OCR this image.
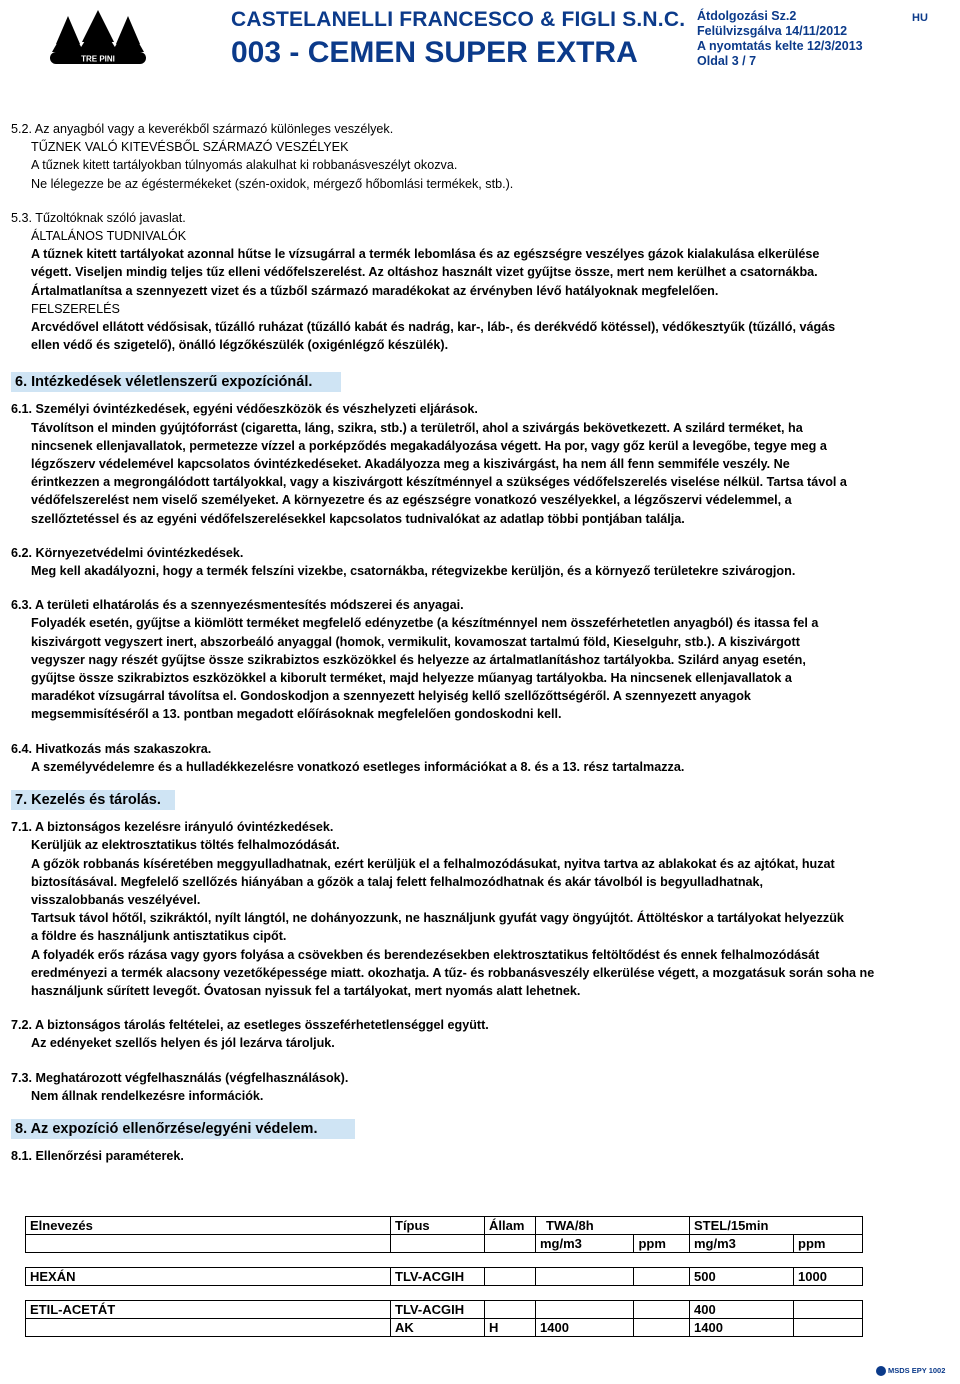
TRE PINI
CASTELANELLI FRANCESCO & FIGLI S.N.C.
003 - CEMEN SUPER EXTRA
Átdolgozási Sz.2
Felülvizsgálva 14/11/2012
A nyomtatás kelte 12/3/2013
Oldal 3 / 7
HU

5.2. Az anyagból vagy a keverékből származó különleges veszélyek.

TŰZNEK VALÓ KITEVÉSBŐL SZÁRMAZÓ VESZÉLYEK

A tűznek kitett tartályokban túlnyomás alakulhat ki robbanásveszélyt okozva.

Ne lélegezze be az égéstermékeket (szén-oxidok, mérgező hőbomlási termékek, stb.).

5.3. Tűzoltóknak szóló javaslat.

ÁLTALÁNOS TUDNIVALÓK

A tűznek kitett tartályokat azonnal hűtse le vízsugárral a termék lebomlása és az egészségre veszélyes gázok kialakulása elkerülése

végett. Viseljen mindig teljes tűz elleni védőfelszerelést. Az oltáshoz használt vizet gyűjtse össze, mert nem kerülhet a csatornákba.

Ártalmatlanítsa a szennyezett vizet és a tűzből származó maradékokat az érvényben lévő hatályoknak megfelelően.

FELSZERELÉS

Arcvédővel ellátott védősisak, tűzálló ruházat (tűzálló kabát és nadrág, kar-, láb-, és derékvédő kötéssel), védőkesztyűk (tűzálló, vágás

ellen védő és szigetelő), önálló légzőkészülék (oxigénlégző készülék).

6. Intézkedések véletlenszerű expozíciónál.

6.1. Személyi óvintézkedések, egyéni védőeszközök és vészhelyzeti eljárások.

Távolítson el minden gyújtóforrást (cigaretta, láng, szikra, stb.) a területről, ahol a szivárgás bekövetkezett. A szilárd terméket, ha

nincsenek ellenjavallatok, permetezze vízzel a porképződés megakadályozása végett. Ha por, vagy gőz kerül a levegőbe, tegye meg a

légzőszerv védelemével kapcsolatos óvintézkedéseket. Akadályozza meg a kiszivárgást, ha nem áll fenn semmiféle veszély. Ne

érintkezzen a megrongálódott tartályokkal, vagy a kiszivárgott készítménnyel a szükséges védőfelszerelés viselése nélkül. Tartsa távol a

védőfelszerelést nem viselő személyeket. A környezetre és az egészségre vonatkozó veszélyekkel, a légzőszervi védelemmel, a

szellőztetéssel és az egyéni védőfelszerelésekkel kapcsolatos tudnivalókat az adatlap többi pontjában találja.

6.2. Környezetvédelmi óvintézkedések.

Meg kell akadályozni, hogy a termék felszíni vizekbe, csatornákba, rétegvizekbe kerüljön, és a környező területekre szivárogjon.

6.3. A területi elhatárolás és a szennyezésmentesítés módszerei és anyagai.

Folyadék esetén, gyűjtse a kiömlött terméket megfelelő edényzetbe (a készítménnyel nem összeférhetetlen anyagból) és itassa fel a

kiszivárgott vegyszert inert, abszorbeáló anyaggal (homok, vermikulit, kovamoszat tartalmú föld, Kieselguhr, stb.). A kiszivárgott

vegyszer nagy részét gyűjtse össze szikrabiztos eszközökkel és helyezze az ártalmatlanításhoz tartályokba. Szilárd anyag esetén,

gyűjtse össze szikrabiztos eszközökkel a kiborult terméket, majd helyezze műanyag tartályokba. Ha nincsenek ellenjavallatok a

maradékot vízsugárral távolítsa el. Gondoskodjon a szennyezett helyiség kellő szellőzőttségéről. A szennyezett anyagok

megsemmisítéséről a 13. pontban megadott előírásoknak megfelelően gondoskodni kell.

6.4. Hivatkozás más szakaszokra.

A személyvédelemre és a hulladékkezelésre vonatkozó esetleges információkat a 8. és a 13. rész tartalmazza.

7. Kezelés és tárolás.

7.1. A biztonságos kezelésre irányuló óvintézkedések.

Kerüljük az elektrosztatikus töltés felhalmozódását.

A gőzök robbanás kíséretében meggyulladhatnak, ezért kerüljük el a felhalmozódásukat, nyitva tartva az ablakokat és az ajtókat, huzat

biztosításával. Megfelelő szellőzés hiányában a gőzök a talaj felett felhalmozódhatnak és akár távolból is begyulladhatnak,

visszalobbanás veszélyével.

Tartsuk távol hőtől, szikráktól, nyílt lángtól, ne dohányozzunk, ne használjunk gyufát vagy öngyújtót. Áttöltéskor a tartályokat helyezzük

a földre és használjunk antisztatikus cipőt.

A folyadék erős rázása vagy gyors folyása a csövekben és berendezésekben elektrosztatikus feltöltődést és ennek felhalmozódását

eredményezi a termék alacsony vezetőképessége miatt. okozhatja. A tűz- és robbanásveszély elkerülése végett, a mozgatásuk során soha ne

használjunk sűrített levegőt. Óvatosan nyissuk fel a tartályokat, mert nyomás alatt lehetnek.

7.2. A biztonságos tárolás feltételei, az esetleges összeférhetetlenséggel együtt.

Az edényeket szellős helyen és jól lezárva tároljuk.

7.3. Meghatározott végfelhasználás (végfelhasználások).

Nem állnak rendelkezésre információk.

8. Az expozíció ellenőrzése/egyéni védelem.

8.1. Ellenőrzési paraméterek.

Elnevezés	Típus	Állam	TWA/8h		STEL/15min	
			mg/m3	ppm	mg/m3	ppm

HEXÁN	TLV-ACGIH				500	1000

ETIL-ACETÁT	TLV-ACGIH				400	
	AK	H	1400		1400	
MSDS EPY 1002
